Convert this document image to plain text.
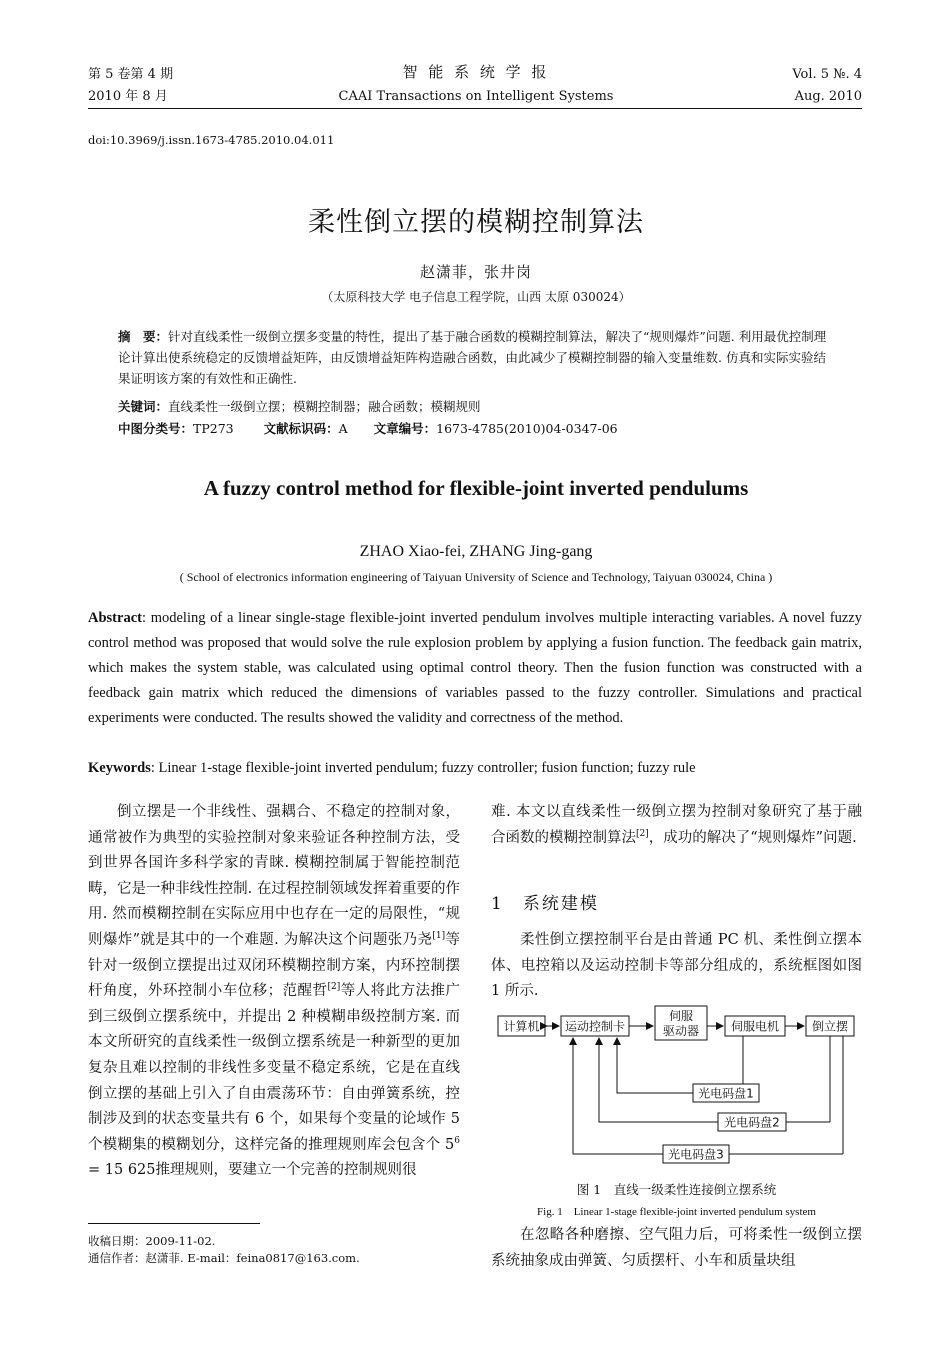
第 5 卷第 4 期
2010 年 8 月
智 能 系 统 学 报
CAAI Transactions on Intelligent Systems
Vol. 5 №. 4
Aug. 2010
doi:10.3969/j.issn.1673-4785.2010.04.011
柔性倒立摆的模糊控制算法
赵潇菲，张井岗
（太原科技大学 电子信息工程学院，山西 太原 030024）
摘　要：针对直线柔性一级倒立摆多变量的特性，提出了基于融合函数的模糊控制算法，解决了“规则爆炸”问题. 利用最优控制理论计算出使系统稳定的反馈增益矩阵，由反馈增益矩阵构造融合函数，由此减少了模糊控制器的输入变量维数. 仿真和实际实验结果证明该方案的有效性和正确性.
关键词：直线柔性一级倒立摆；模糊控制器；融合函数；模糊规则
中图分类号：TP273 文献标识码：A 文章编号：1673-4785(2010)04-0347-06
A fuzzy control method for flexible-joint inverted pendulums
ZHAO Xiao-fei, ZHANG Jing-gang
( School of electronics information engineering of Taiyuan University of Science and Technology, Taiyuan 030024, China )
Abstract: modeling of a linear single-stage flexible-joint inverted pendulum involves multiple interacting variables. A novel fuzzy control method was proposed that would solve the rule explosion problem by applying a fusion function. The feedback gain matrix, which makes the system stable, was calculated using optimal control theory. Then the fusion function was constructed with a feedback gain matrix which reduced the dimensions of variables passed to the fuzzy controller. Simulations and practical experiments were conducted. The results showed the validity and correctness of the method.
Keywords: Linear 1-stage flexible-joint inverted pendulum; fuzzy controller; fusion function; fuzzy rule
倒立摆是一个非线性、强耦合、不稳定的控制对象，通常被作为典型的实验控制对象来验证各种控制方法，受到世界各国许多科学家的青睐. 模糊控制属于智能控制范畴，它是一种非线性控制. 在过程控制领域发挥着重要的作用. 然而模糊控制在实际应用中也存在一定的局限性，“规则爆炸”就是其中的一个难题. 为解决这个问题张乃尧[1]等针对一级倒立摆提出过双闭环模糊控制方案，内环控制摆杆角度，外环控制小车位移；范醒哲[2]等人将此方法推广到三级倒立摆系统中，并提出 2 种模糊串级控制方案. 而本文所研究的直线柔性一级倒立摆系统是一种新型的更加复杂且难以控制的非线性多变量不稳定系统，它是在直线倒立摆的基础上引入了自由震荡环节：自由弹簧系统，控制涉及到的状态变量共有 6 个，如果每个变量的论域作 5 个模糊集的模糊划分，这样完备的推理规则库会包含个 $5^6 = 15$ 625推理规则，要建立一个完善的控制规则很
收稿日期：2009-11-02.
通信作者：赵潇菲. E-mail：feina0817@163.com.
难. 本文以直线柔性一级倒立摆为控制对象研究了基于融合函数的模糊控制算法[2]，成功的解决了“规则爆炸”问题.
1　系统建模
柔性倒立摆控制平台是由普通 PC 机、柔性倒立摆本体、电控箱以及运动控制卡等部分组成的，系统框图如图 1 所示.
计算机 运动控制卡
伺服
驱动器	伺服电机	倒立摆
光电码盘1
光电码盘2
光电码盘3
图 1　直线一级柔性连接倒立摆系统
Fig. 1　Linear 1-stage flexible-joint inverted pendulum system
在忽略各种磨擦、空气阻力后，可将柔性一级倒立摆系统抽象成由弹簧、匀质摆杆、小车和质量块组
